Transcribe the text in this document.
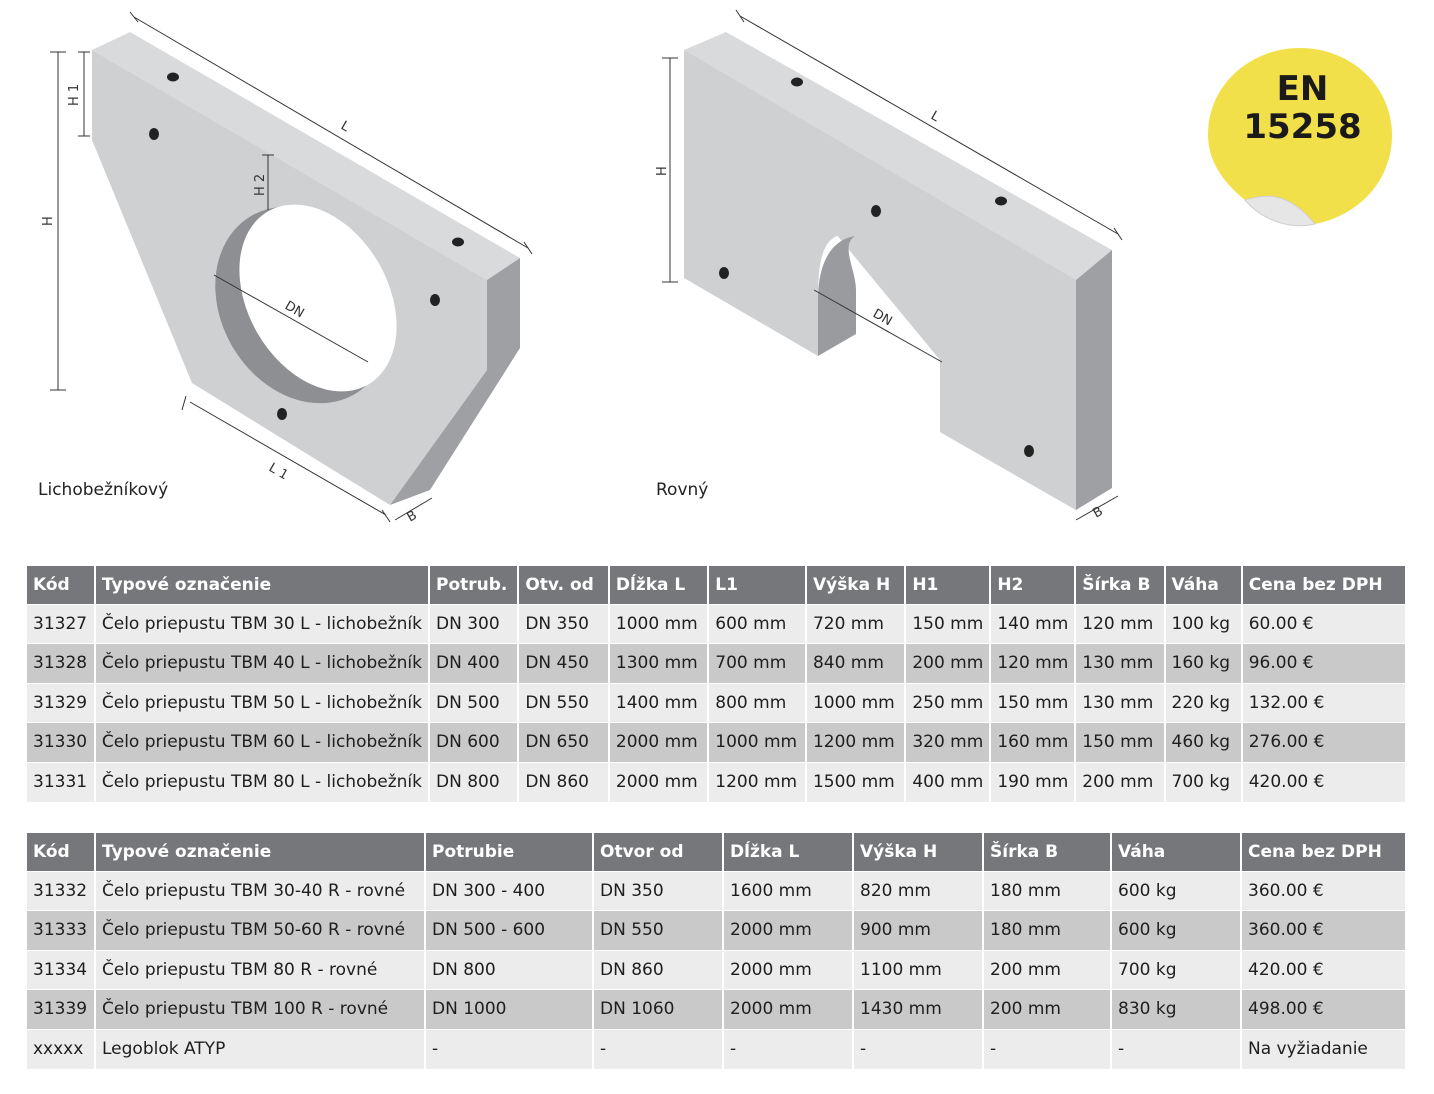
L
H
H 1
H 2
DN
L 1
B
Lichobežníkový
L
H
DN
B
Rovný
EN
15258
Kód	Typové označenie	Potrub.	Otv. od	Dĺžka L	L1	Výška H	H1	H2	Šírka B	Váha	Cena bez DPH
31327	Čelo priepustu TBM 30 L - lichobežník	DN 300	DN 350	1000 mm	600 mm	720 mm	150 mm	140 mm	120 mm	100 kg	60.00 €
31328	Čelo priepustu TBM 40 L - lichobežník	DN 400	DN 450	1300 mm	700 mm	840 mm	200 mm	120 mm	130 mm	160 kg	96.00 €
31329	Čelo priepustu TBM 50 L - lichobežník	DN 500	DN 550	1400 mm	800 mm	1000 mm	250 mm	150 mm	130 mm	220 kg	132.00 €
31330	Čelo priepustu TBM 60 L - lichobežník	DN 600	DN 650	2000 mm	1000 mm	1200 mm	320 mm	160 mm	150 mm	460 kg	276.00 €
31331	Čelo priepustu TBM 80 L - lichobežník	DN 800	DN 860	2000 mm	1200 mm	1500 mm	400 mm	190 mm	200 mm	700 kg	420.00 €
Kód	Typové označenie	Potrubie	Otvor od	Dĺžka L	Výška H	Šírka B	Váha	Cena bez DPH
31332	Čelo priepustu TBM 30-40 R - rovné	DN 300 - 400	DN 350	1600 mm	820 mm	180 mm	600 kg	360.00 €
31333	Čelo priepustu TBM 50-60 R - rovné	DN 500 - 600	DN 550	2000 mm	900 mm	180 mm	600 kg	360.00 €
31334	Čelo priepustu TBM 80 R - rovné	DN 800	DN 860	2000 mm	1100 mm	200 mm	700 kg	420.00 €
31339	Čelo priepustu TBM 100 R - rovné	DN 1000	DN 1060	2000 mm	1430 mm	200 mm	830 kg	498.00 €
xxxxx	Legoblok ATYP	-	-	-	-	-	-	Na vyžiadanie
